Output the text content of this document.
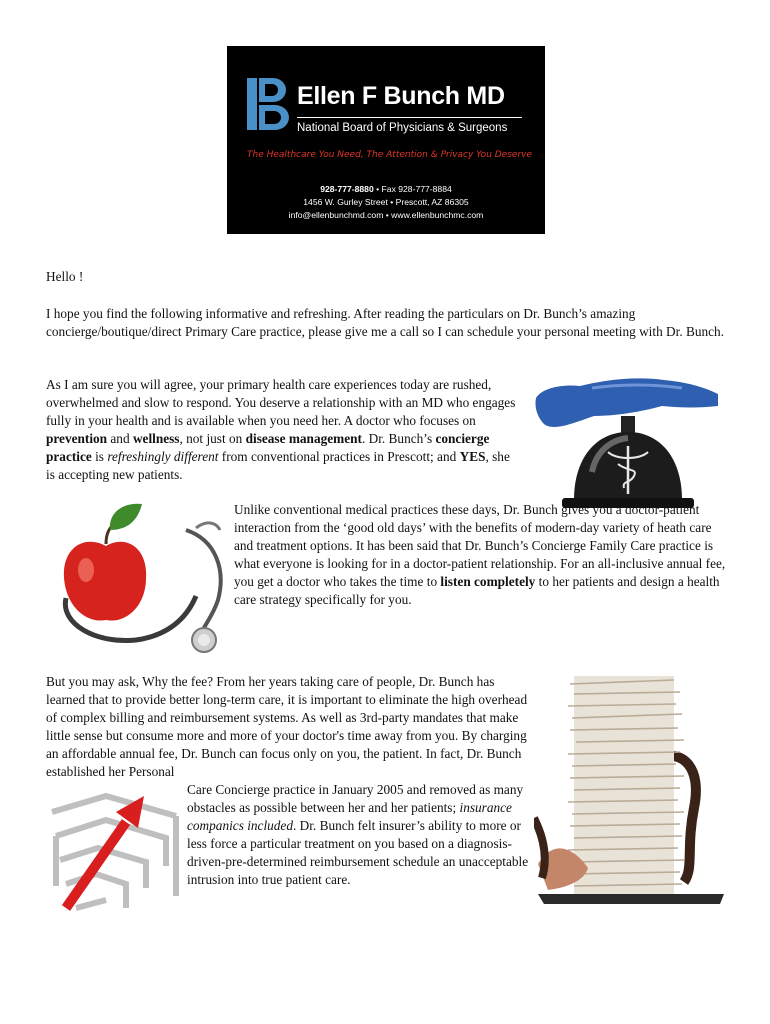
Ellen F Bunch MD
National Board of Physicians & Surgeons
The Healthcare You Need, The Attention & Privacy You Deserve
928-777-8880 • Fax 928-777-8884
1456 W. Gurley Street • Prescott, AZ 86305
info@ellenbunchmd.com • www.ellenbunchmc.com

Hello !

I hope you find the following informative and refreshing. After reading the particulars on Dr. Bunch’s amazing concierge/boutique/direct Primary Care practice, please give me a call so I can schedule your personal meeting with Dr. Bunch.

As I am sure you will agree, your primary health care experiences today are rushed, overwhelmed and slow to respond. You deserve a relationship with an MD who engages fully in your health and is available when you need her. A doctor who focuses on prevention and wellness, not just on disease management. Dr. Bunch’s concierge practice is refreshingly different from conventional practices in Prescott; and YES, she is accepting new patients.

Unlike conventional medical practices these days, Dr. Bunch gives you a doctor-patient interaction from the ‘good old days’ with the benefits of modern-day variety of heath care and treatment options. It has been said that Dr. Bunch’s Concierge Family Care practice is what everyone is looking for in a doctor-patient relationship. For an all-inclusive annual fee, you get a doctor who takes the time to listen completely to her patients and design a health care strategy specifically for you.

But you may ask, Why the fee? From her years taking care of people, Dr. Bunch has learned that to provide better long-term care, it is important to eliminate the high overhead of complex billing and reimbursement systems. As well as 3rd-party mandates that make little sense but consume more and more of your doctor's time away from you. By charging an affordable annual fee, Dr. Bunch can focus only on you, the patient. In fact, Dr. Bunch established her Personal

Care Concierge practice in January 2005 and removed as many obstacles as possible between her and her patients; insurance companics included. Dr. Bunch felt insurer’s ability to more or less force a particular treatment on you based on a diagnosis-driven-pre-determined reimbursement schedule an unacceptable intrusion into true patient care.
